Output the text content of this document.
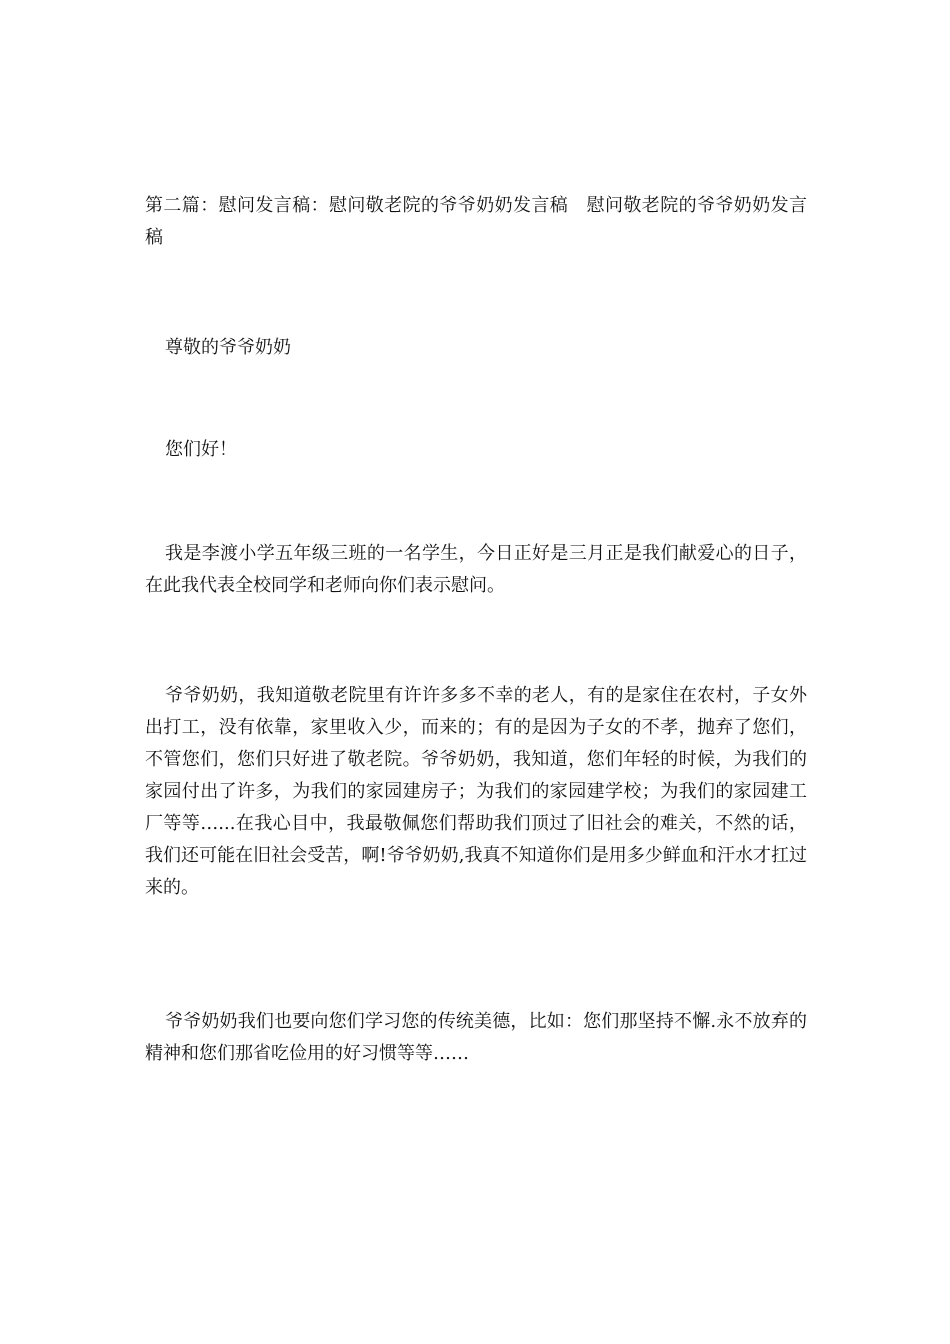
第二篇：慰问发言稿：慰问敬老院的爷爷奶奶发言稿　慰问敬老院的爷爷奶奶发言稿

尊敬的爷爷奶奶

您们好！

我是李渡小学五年级三班的一名学生，今日正好是三月正是我们献爱心的日子，在此我代表全校同学和老师向你们表示慰问。

爷爷奶奶，我知道敬老院里有许许多多不幸的老人，有的是家住在农村，子女外出打工，没有依靠，家里收入少，而来的；有的是因为子女的不孝，抛弃了您们，不管您们，您们只好进了敬老院。爷爷奶奶，我知道，您们年轻的时候，为我们的家园付出了许多，为我们的家园建房子；为我们的家园建学校；为我们的家园建工厂等等…...在我心目中，我最敬佩您们帮助我们顶过了旧社会的难关，不然的话，我们还可能在旧社会受苦，啊!爷爷奶奶,我真不知道你们是用多少鲜血和汗水才扛过来的。

爷爷奶奶我们也要向您们学习您的传统美德，比如：您们那坚持不懈.永不放弃的精神和您们那省吃俭用的好习惯等等……
